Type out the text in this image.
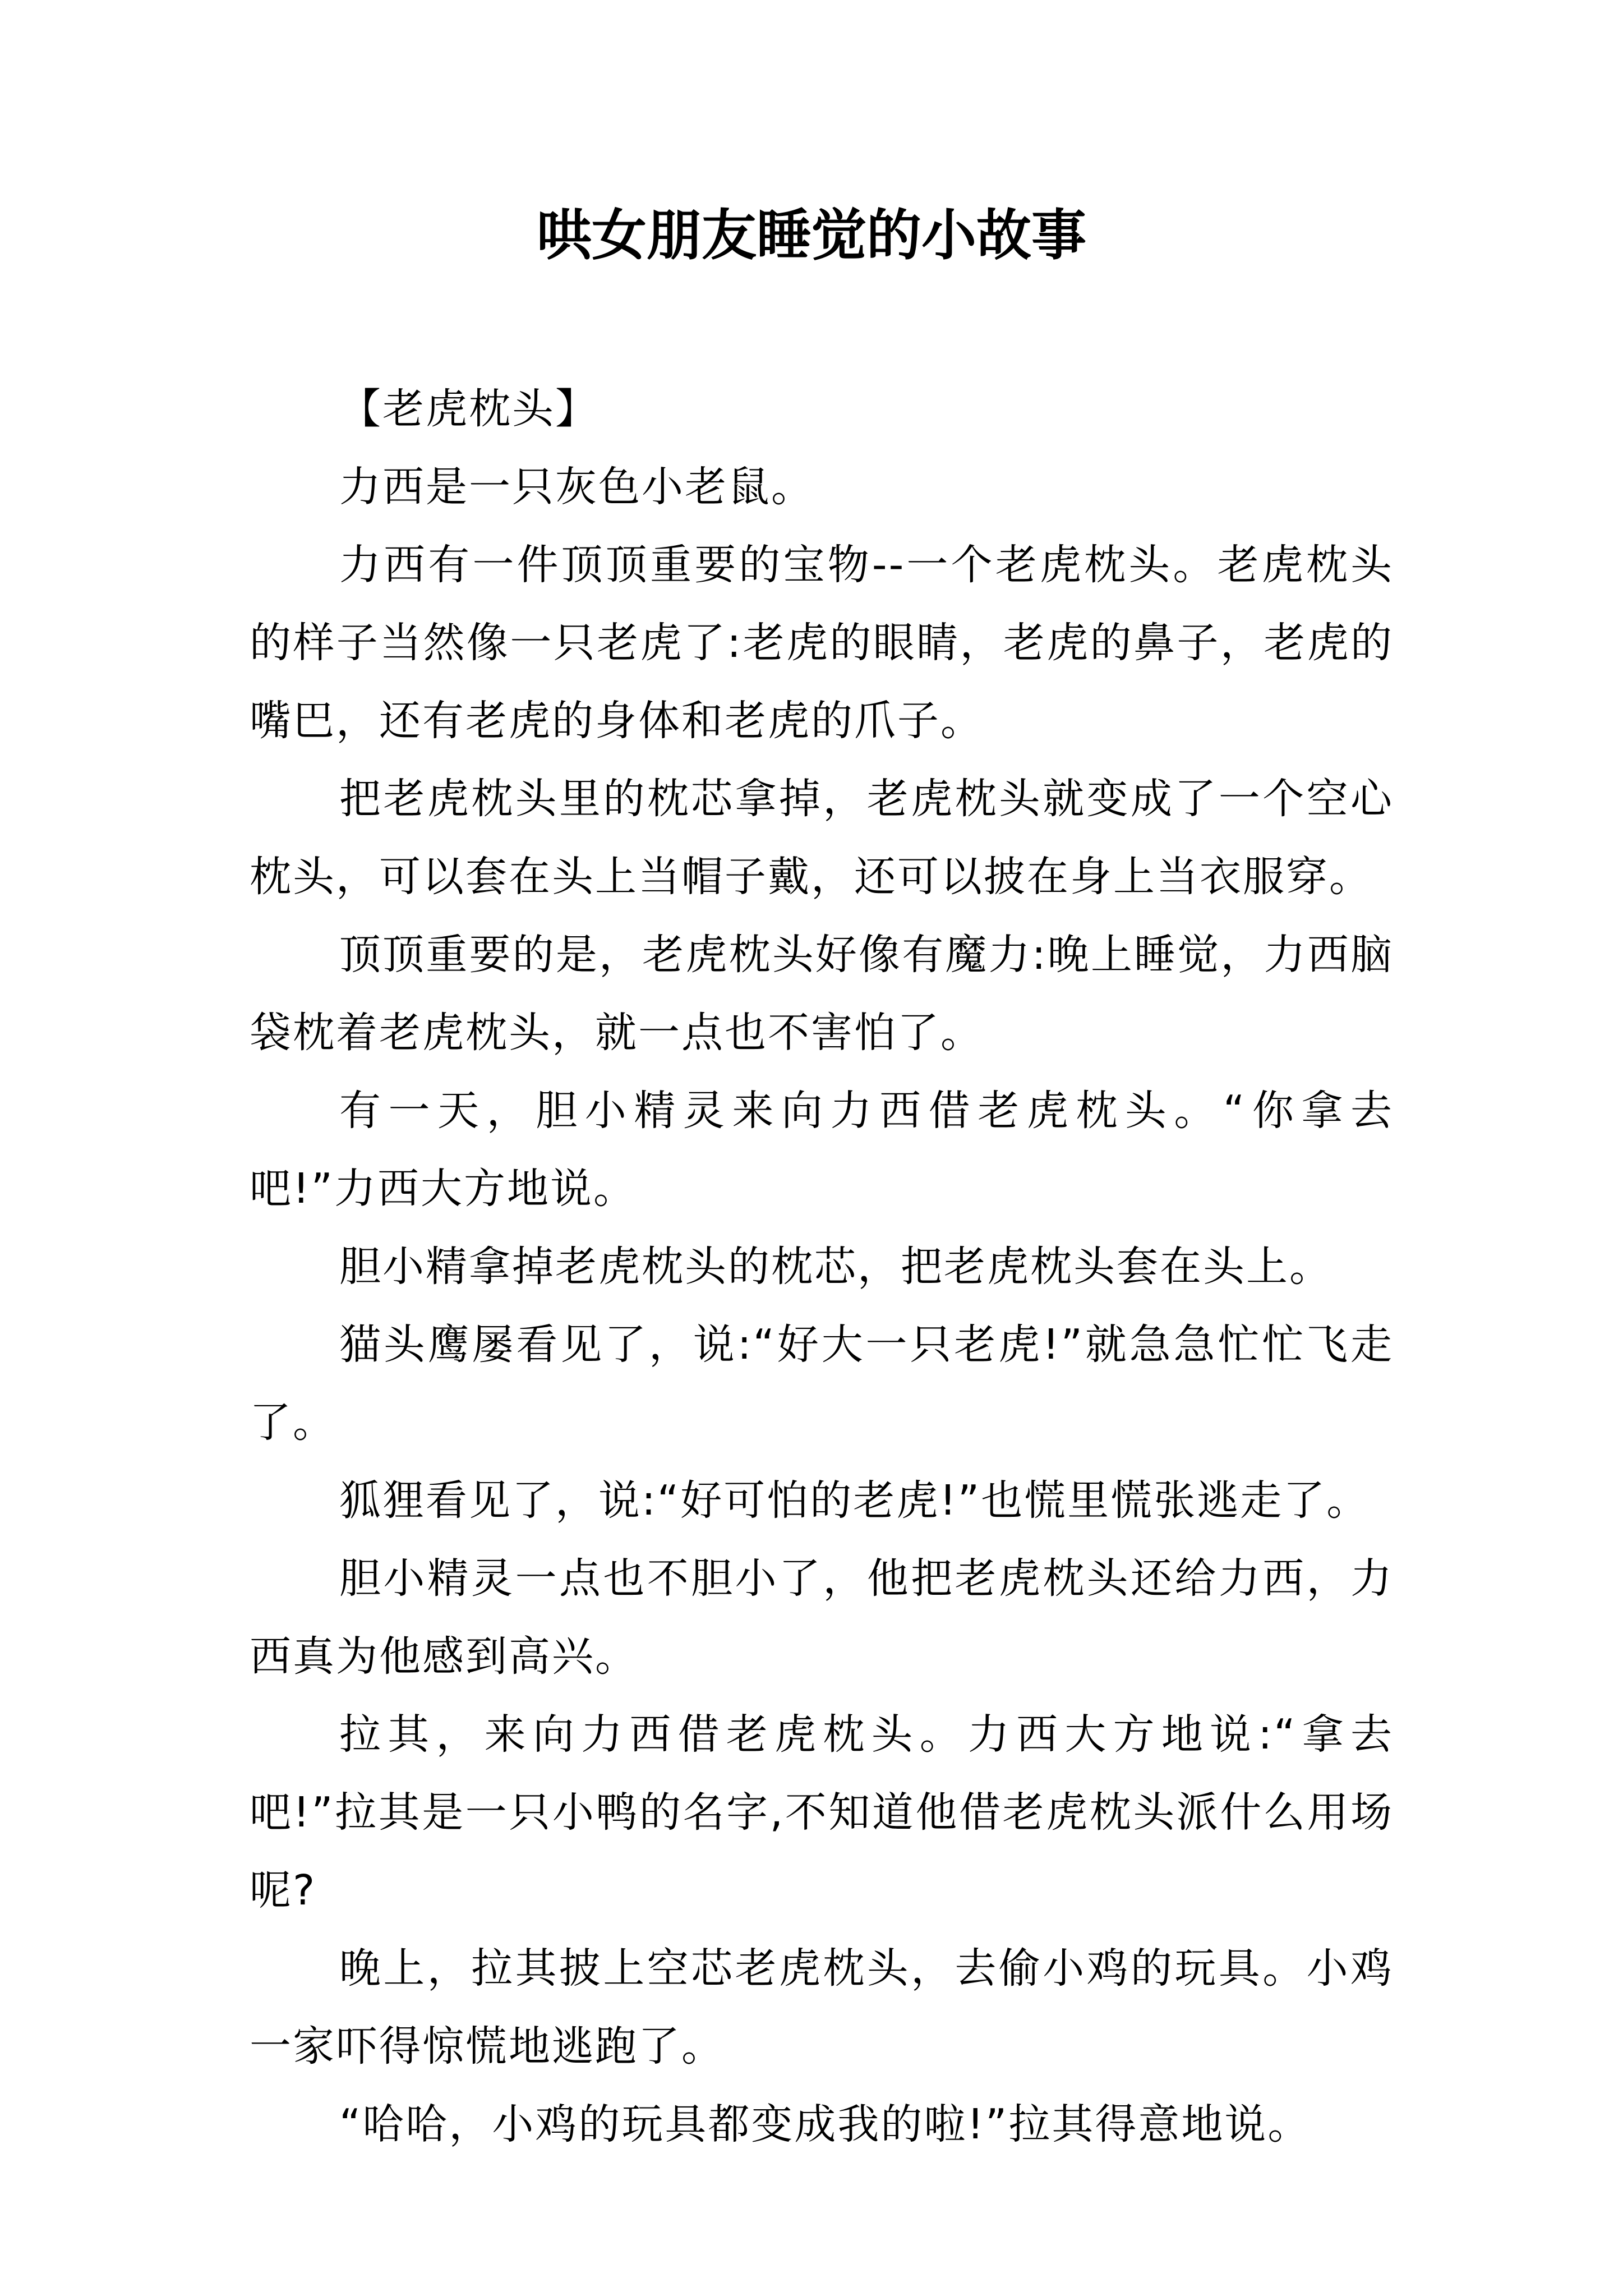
哄女朋友睡觉的小故事

【老虎枕头】

力西是一只灰色小老鼠。

力西有一件顶顶重要的宝物--一个老虎枕头。老虎枕头的样子当然像一只老虎了:老虎的眼睛，老虎的鼻子，老虎的嘴巴，还有老虎的身体和老虎的爪子。

把老虎枕头里的枕芯拿掉，老虎枕头就变成了一个空心枕头，可以套在头上当帽子戴，还可以披在身上当衣服穿。

顶顶重要的是，老虎枕头好像有魔力:晚上睡觉，力西脑袋枕着老虎枕头，就一点也不害怕了。

有一天，胆小精灵来向力西借老虎枕头。“你拿去吧!”力西大方地说。

胆小精拿掉老虎枕头的枕芯，把老虎枕头套在头上。

猫头鹰屡看见了，说:“好大一只老虎!”就急急忙忙飞走了。

狐狸看见了，说:“好可怕的老虎!”也慌里慌张逃走了。

胆小精灵一点也不胆小了，他把老虎枕头还给力西，力西真为他感到高兴。

拉其，来向力西借老虎枕头。力西大方地说:“拿去吧!”拉其是一只小鸭的名字,不知道他借老虎枕头派什么用场呢?

晚上，拉其披上空芯老虎枕头，去偷小鸡的玩具。小鸡一家吓得惊慌地逃跑了。

“哈哈，小鸡的玩具都变成我的啦!”拉其得意地说。
